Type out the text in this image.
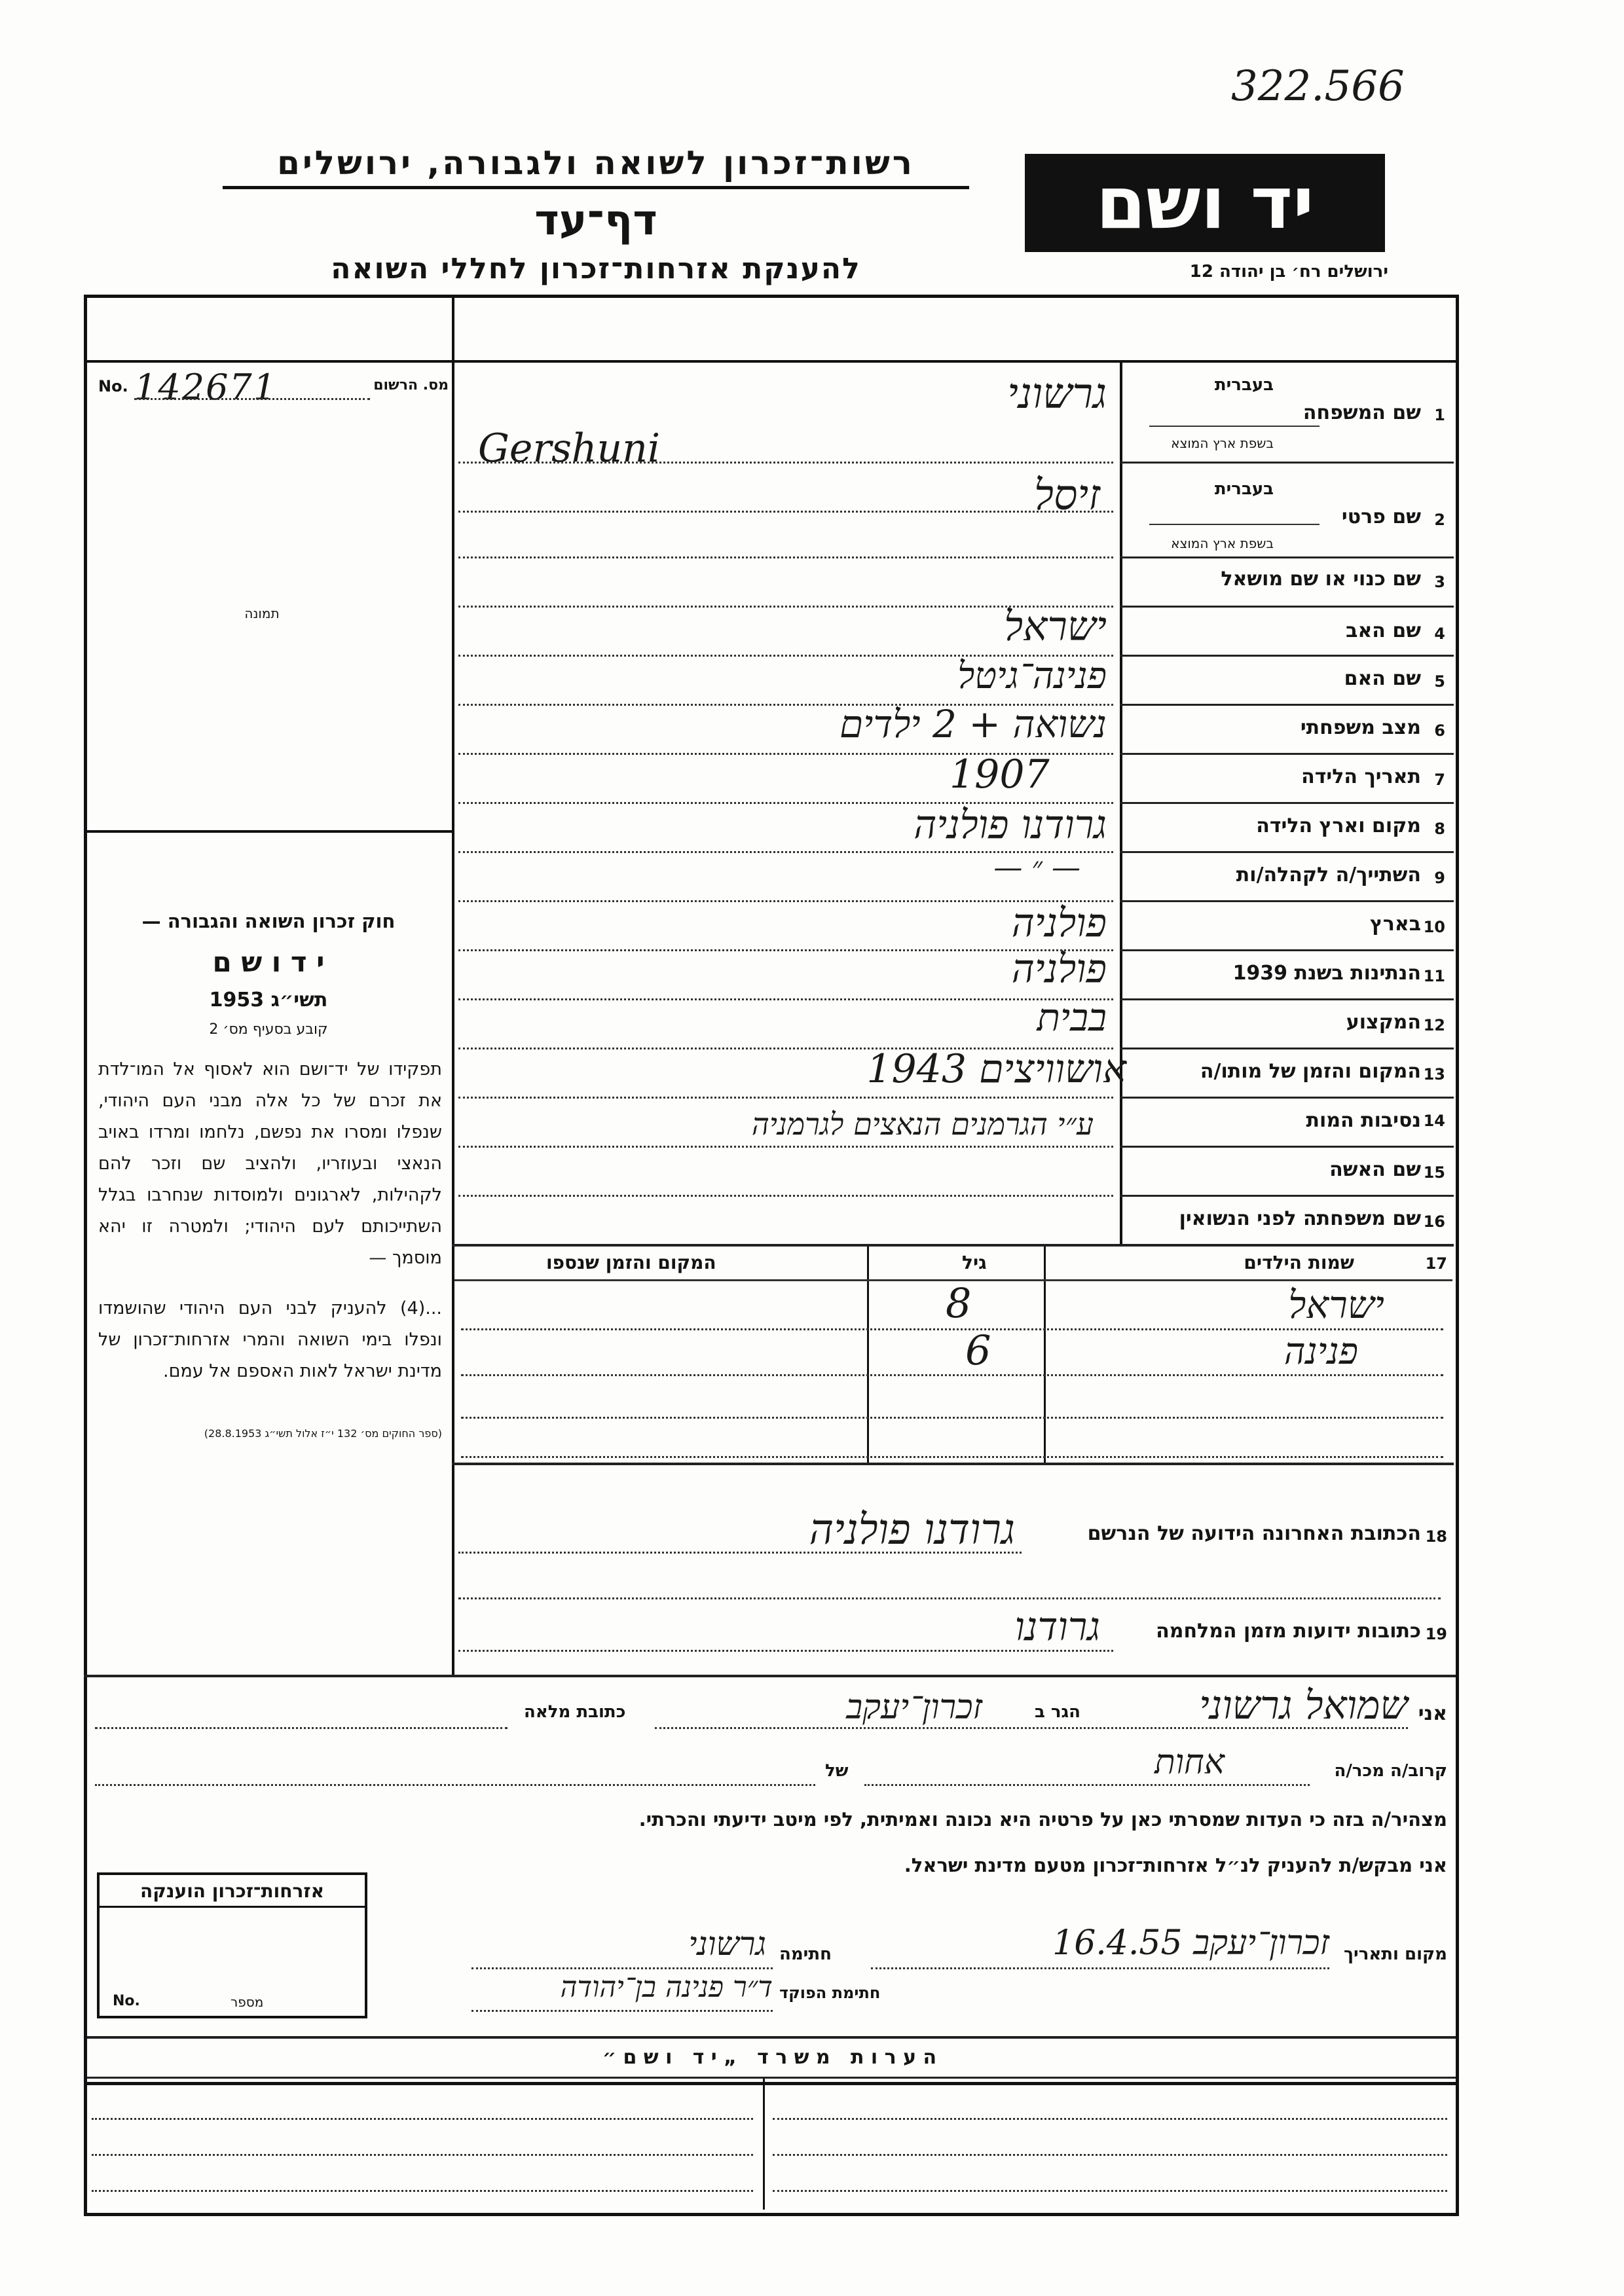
322.566
רשות־זכרון לשואה ולגבורה, ירושלים
דף־עד
להענקת אזרחות־זכרון לחללי השואה
יד ושם
ירושלים רח׳ בן יהודה 12
No. 142671	מס. הרשום
תמונה
חוק זכרון השואה והגבורה —
י ד ו ש ם
תשי״ג 1953
קובע בסעיף מס׳ 2
תפקידו של יד־ושם הוא לאסוף אל המו־לדת את זכרם של כל אלה מבני העם היהודי, שנפלו ומסרו את נפשם, נלחמו ומרדו באויב הנאצי ובעוזריו, ולהציב שם וזכר להם לקהילות, לארגונים ולמוסדות שנחרבו בגלל השתייכותם לעם היהודי; ולמטרה זו יהא מוסמך —
...(4) להעניק לבני העם היהודי שהושמדו ונפלו בימי השואה והמרי אזרחות־זכרון של מדינת ישראל לאות האספם אל עמם.
(ספר החוקים מס׳ 132 י״ז אלול תשי״ג 28.8.1953)
1
שם המשפחה
בעברית
בשפת ארץ המוצא
גרשוני
Gershuni
2
שם פרטי
בעברית
בשפת ארץ המוצא
זיסל
3
שם כנוי או שם מושאל
4
שם האב
ישראל
5
שם האם
פנינה־גיטל
6
מצב משפחתי
נשואה + 2 ילדים
7
תאריך הלידה
1907
8
מקום וארץ הלידה
גרודנו פולניה
9
השתייך/ה לקהלה/ות
— ״ —
10
בארץ
פולניה
11
הנתינות בשנת 1939
פולניה
12
המקצוע
בבית
13
המקום והזמן של מותו/ה
אושוויצים 1943
14
נסיבות המות
ע״י הגרמנים הנאצים לגרמניה
15
שם האשה
16
שם משפחתה לפני הנשואין
17
שמות הילדים
גיל
המקום והזמן שנספו
ישראל
8
פנינה
6
18
הכתובת האחרונה הידועה של הנרשם
גרודנו פולניה
19
כתובות ידועות מזמן המלחמה
גרודנו
אני
שמואל גרשוני
הגר ב
זכרון־יעקב
כתובת מלאה
קרוב/ה מכר/ה
אחות
של
מצהיר/ה בזה כי העדות שמסרתי כאן על פרטיה היא נכונה ואמיתית, לפי מיטב ידיעתי והכרתי.
אני מבקש/ת להעניק לנ״ל אזרחות־זכרון מטעם מדינת ישראל.
מקום ותאריך
זכרון־יעקב 16.4.55
חתימה
גרשוני
חתימת הפוקד
ד״ר פנינה בן־יהודה
אזרחות־זכרון הוענקה
No.	מספר
ה ע ר ו ת   מ ש ר ד   „ י ד   ו ש ם ״
